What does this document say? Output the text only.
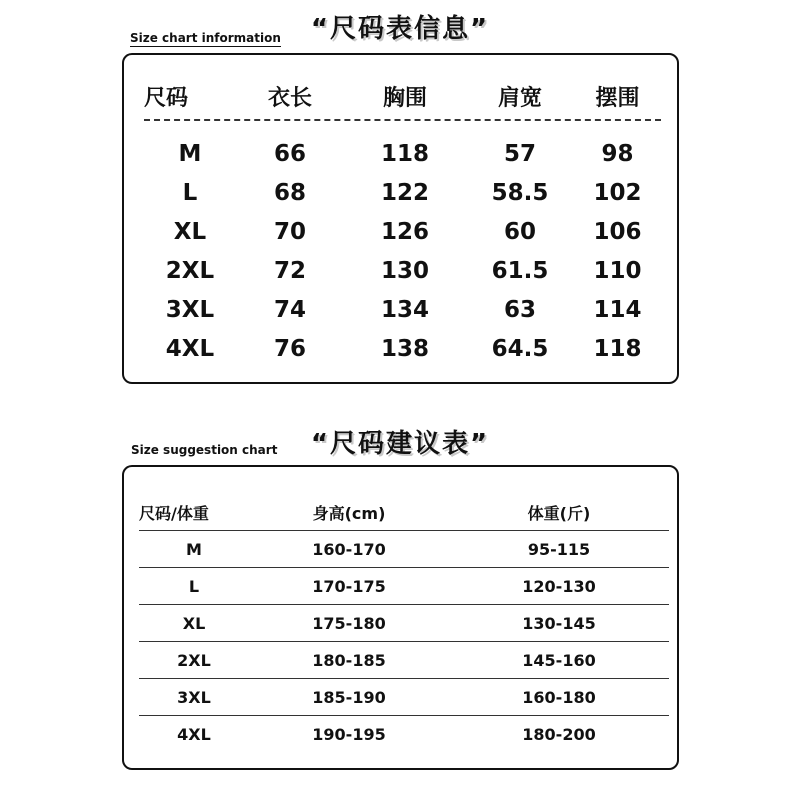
Size chart information	“尺码表信息”
尺码	衣长	胸围	肩宽	摆围
M	66	118	57	98
L	68	122	58.5	102
XL	70	126	60	106
2XL	72	130	61.5	110
3XL	74	134	63	114
4XL	76	138	64.5	118
Size suggestion chart	“尺码建议表”
尺码/体重	身高(cm)	体重(斤)
M	160-170	95-115
L	170-175	120-130
XL	175-180	130-145
2XL	180-185	145-160
3XL	185-190	160-180
4XL	190-195	180-200
